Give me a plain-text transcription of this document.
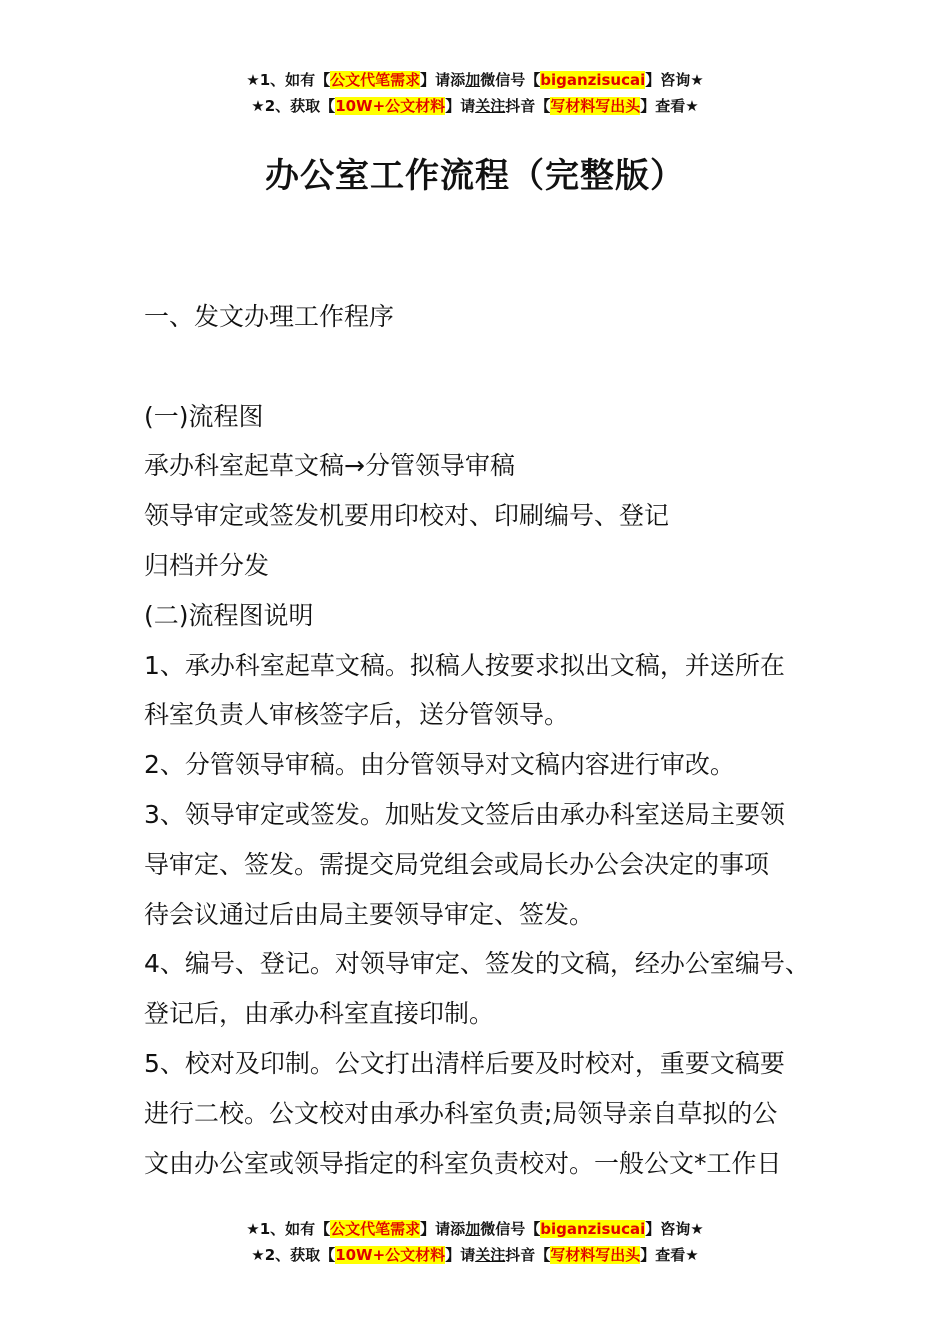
★1、如有【公文代笔需求】请添加微信号【biganzisucai】咨询★
★2、获取【10W+公文材料】请关注抖音【写材料写出头】查看★
办公室工作流程（完整版）

一、发文办理工作程序

(一)流程图

承办科室起草文稿→分管领导审稿

领导审定或签发机要用印校对、印刷编号、登记

归档并分发

(二)流程图说明

1、承办科室起草文稿。拟稿人按要求拟出文稿，并送所在

科室负责人审核签字后，送分管领导。

2、分管领导审稿。由分管领导对文稿内容进行审改。

3、领导审定或签发。加贴发文签后由承办科室送局主要领

导审定、签发。需提交局党组会或局长办公会决定的事项

待会议通过后由局主要领导审定、签发。

4、编号、登记。对领导审定、签发的文稿，经办公室编号、

登记后，由承办科室直接印制。

5、校对及印制。公文打出清样后要及时校对，重要文稿要

进行二校。公文校对由承办科室负责;局领导亲自草拟的公

文由办公室或领导指定的科室负责校对。一般公文*工作日

★1、如有【公文代笔需求】请添加微信号【biganzisucai】咨询★
★2、获取【10W+公文材料】请关注抖音【写材料写出头】查看★
